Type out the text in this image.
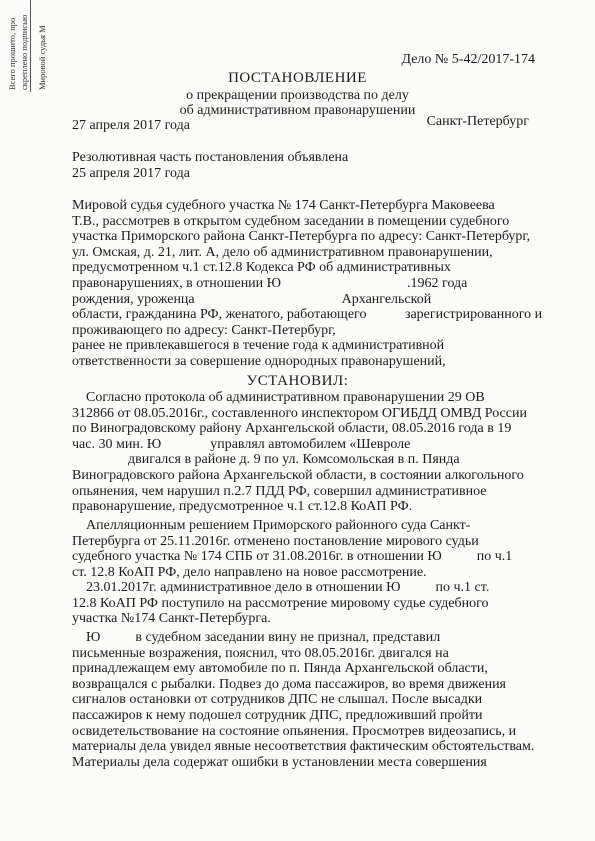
Всего прошито, про скреплено подписью Мировой судья М	Дело № 5-42/2017-174
ПОСТАНОВЛЕНИЕ
о прекращении производства по делу
об административном правонарушении
27 апреля 2017 года	Санкт-Петербург
Резолютивная часть постановления объявлена
25 апреля 2017 года
Мировой судья судебного участка № 174 Санкт-Петербурга Маковеева
Т.В., рассмотрев в открытом судебном заседании в помещении судебного
участка Приморского района Санкт-Петербурга по адресу: Санкт-Петербург,
ул. Омская, д. 21, лит. А, дело об административном правонарушении,
предусмотренном ч.1 ст.12.8 Кодекса РФ об административных
правонарушениях, в отношении Ю                                    .1962 года
рождения, уроженца                                          Архангельской
области, гражданина РФ, женатого, работающего           зарегистрированного и
проживающего по адресу: Санкт-Петербург,
ранее не привлекавшегося в течение года к административной
ответственности за совершение однородных правонарушений,
УСТАНОВИЛ:
Согласно протокола об административном правонарушении 29 ОВ
312866 от 08.05.2016г., составленного инспектором ОГИБДД ОМВД России
по Виноградовскому району Архангельской области, 08.05.2016 года в 19
час. 30 мин. Ю              управлял автомобилем «Шевроле
двигался в районе д. 9 по ул. Комсомольская в п. Пянда
Виноградовского района Архангельской области, в состоянии алкогольного
опьянения, чем нарушил п.2.7 ПДД РФ, совершил административное
правонарушение, предусмотренное ч.1 ст.12.8 КоАП РФ.
Апелляционным решением Приморского районного суда Санкт-
Петербурга от 25.11.2016г. отменено постановление мирового судьи
судебного участка № 174 СПБ от 31.08.2016г. в отношении Ю          по ч.1
ст. 12.8 КоАП РФ, дело направлено на новое рассмотрение.
23.01.2017г. административное дело в отношении Ю          по ч.1 ст.
12.8 КоАП РФ поступило на рассмотрение мировому судье судебного
участка №174 Санкт-Петербурга.
Ю          в судебном заседании вину не признал, представил
письменные возражения, пояснил, что 08.05.2016г. двигался на
принадлежащем ему автомобиле по п. Пянда Архангельской области,
возвращался с рыбалки. Подвез до дома пассажиров, во время движения
сигналов остановки от сотрудников ДПС не слышал. После высадки
пассажиров к нему подошел сотрудник ДПС, предложивший пройти
освидетельствование на состояние опьянения. Просмотрев видеозапись, и
материалы дела увидел явные несоответствия фактическим обстоятельствам.
Материалы дела содержат ошибки в установлении места совершения
